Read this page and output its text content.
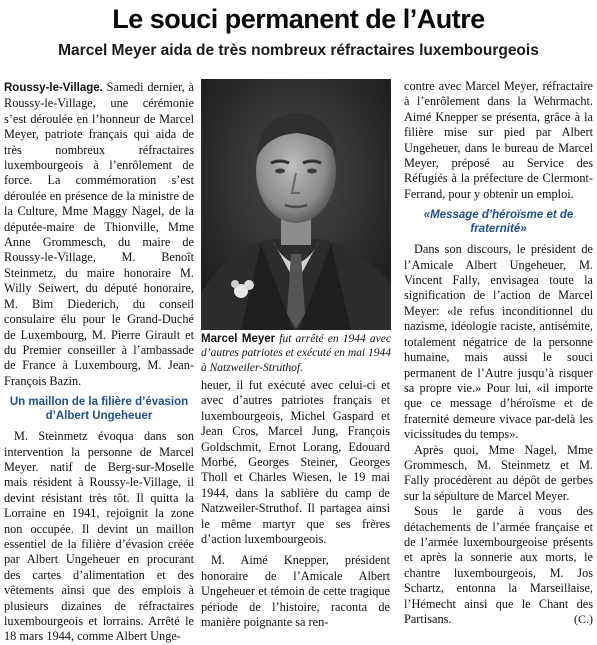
Le souci permanent de l’Autre
Marcel Meyer aida de très nombreux réfractaires luxembourgeois

Roussy-le-Village. Samedi dernier, à Roussy-le-Village, une cérémonie s’est déroulée en l’honneur de Marcel Meyer, patriote français qui aida de très nombreux réfractaires luxembourgeois à l’enrôlement de force. La commémoration s’est déroulée en présence de la ministre de la Culture, Mme Maggy Nagel, de la députée-maire de Thionville, Mme Anne Grommesch, du maire de Roussy-le-Village, M. Benoît Steinmetz, du maire honoraire M. Willy Seiwert, du député honoraire, M. Bim Diederich, du conseil consulaire élu pour le Grand-Duché de Luxembourg, M. Pierre Girault et du Premier conseiller à l’ambassade de France à Luxembourg, M. Jean-François Bazin.

Un maillon de la filière d’évasion d’Albert Ungeheuer

M. Steinmetz évoqua dans son intervention la personne de Marcel Meyer. natif de Berg-sur-Moselle mais résident à Roussy-le-Village, il devint résistant très tôt. Il quitta la Lorraine en 1941, rejoignit la zone non occupée. Il devint un maillon essentiel de la filière d’évasion créée par Albert Ungeheuer en procurant des cartes d’alimentation et des vêtements ainsi que des emplois à plusieurs dizaines de réfractaires luxembourgeois et lorrains. Arrêté le 18 mars 1944, comme Albert Unge-

Marcel Meyer fut arrêté en 1944 avec d’autres patriotes et exécuté en mai 1944 à Natzweiler-Struthof.

heuer, il fut exécuté avec celui-ci et avec d’autres patriotes français et luxembourgeois, Michel Gaspard et Jean Cros, Marcel Jung, François Goldschmit, Ernot Lorang, Edouard Morbé, Georges Steiner, Georges Tholl et Charles Wiesen, le 19 mai 1944, dans la sablière du camp de Natzweiler-Struthof. Il partagea ainsi le même martyr que ses frères d’action luxembourgeois.

M. Aimé Knepper, président honoraire de l’Amicale Albert Ungeheuer et témoin de cette tragique période de l’histoire, raconta de manière poignante sa ren-

contre avec Marcel Meyer, réfractaire à l’enrôlement dans la Wehrmacht. Aimé Knepper se présenta, grâce à la filière mise sur pied par Albert Ungeheuer, dans le bureau de Marcel Meyer, préposé au Service des Réfugiés à la préfecture de Clermont-Ferrand, pour y obtenir un emploi.

«Message d’héroïsme et de fraternité»

Dans son discours, le président de l’Amicale Albert Ungeheuer, M. Vincent Fally, envisagea toute la signification de l’action de Marcel Meyer: «le refus inconditionnel du nazisme, idéologie raciste, antisémite, totalement négatrice de la personne humaine, mais aussi le souci permanent de l’Autre jusqu’à risquer sa propre vie.» Pour lui, «il importe que ce message d’héroïsme et de fraternité demeure vivace par-delà les vicissitudes du temps».

Après quoi, Mme Nagel, Mme Grommesch, M. Steinmetz et M. Fally procédèrent au dépôt de gerbes sur la sépulture de Marcel Meyer.

Sous le garde à vous des détachements de l’armée française et de l’armée luxembourgeoise présents et après la sonnerie aux morts, le chantre luxembourgeois, M. Jos Schartz, entonna la Marseillaise, l’Hémecht ainsi que le Chant des Partisans.	(C.)
